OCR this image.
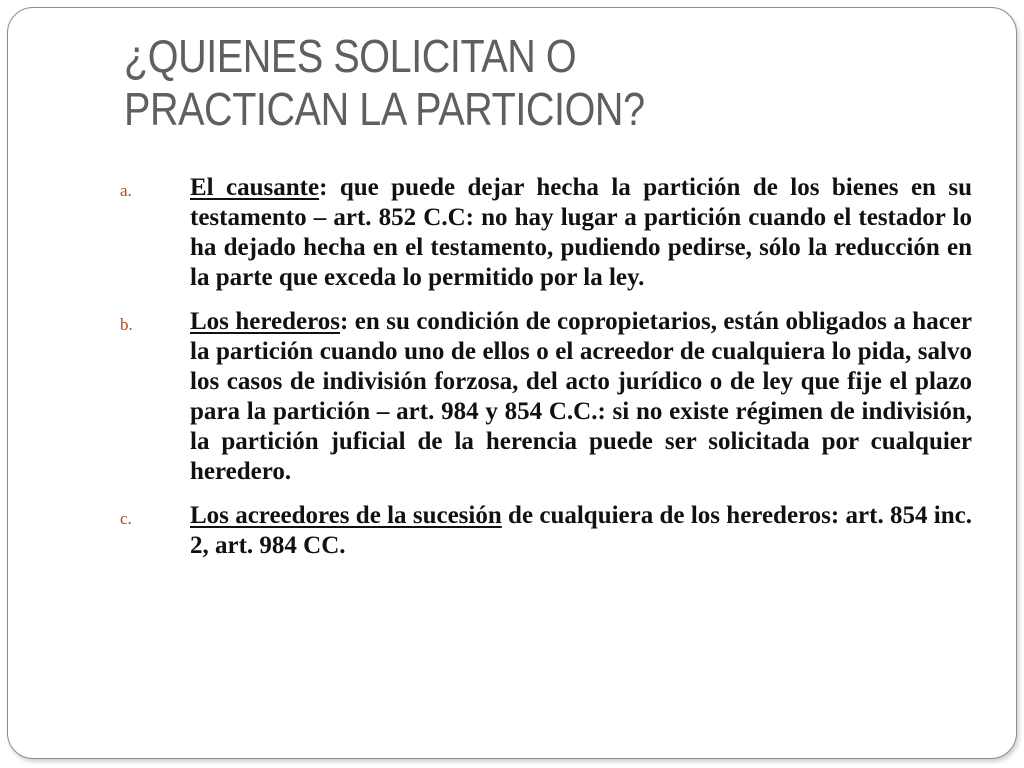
¿QUIENES SOLICITAN O
PRACTICAN LA PARTICION?
a. El causante: que puede dejar hecha la partición de los bienes en su testamento – art. 852 C.C: no hay lugar a partición cuando el testador lo ha dejado hecha en el testamento, pudiendo pedirse, sólo la reducción en la parte que exceda lo permitido por la ley.
b. Los herederos: en su condición de copropietarios, están obligados a hacer la partición cuando uno de ellos o el acreedor de cualquiera lo pida, salvo los casos de indivisión forzosa, del acto jurídico o de ley que fije el plazo para la partición – art. 984 y 854 C.C.: si no existe régimen de indivisión, la partición juficial de la herencia puede ser solicitada por cualquier heredero.
c. Los acreedores de la sucesión de cualquiera de los herederos: art. 854 inc. 2, art. 984 CC.
